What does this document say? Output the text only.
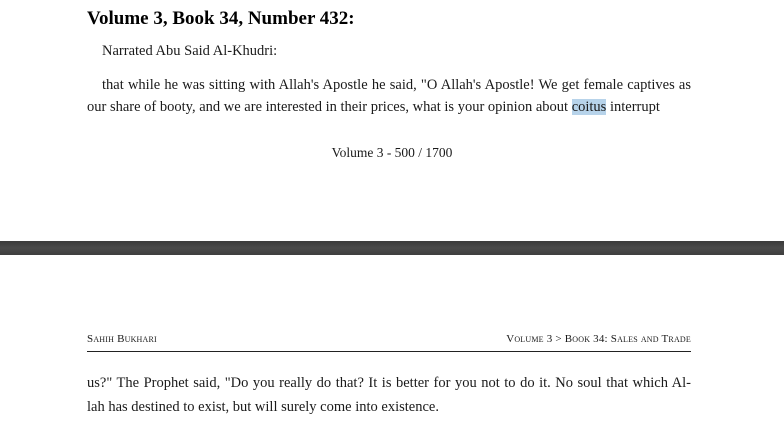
Volume 3, Book 34, Number 432:
Narrated Abu Said Al-Khudri:
that while he was sitting with Allah's Apostle he said, "O Allah's Apostle! We get female captives as
our share of booty, and we are interested in their prices, what is your opinion about coitus interrupt
Volume 3 - 500 / 1700
Sahih Bukhari	Volume 3 > Book 34: Sales and Trade
us?" The Prophet said, "Do you really do that? It is better for you not to do it. No soul that which Al-
lah has destined to exist, but will surely come into existence.
